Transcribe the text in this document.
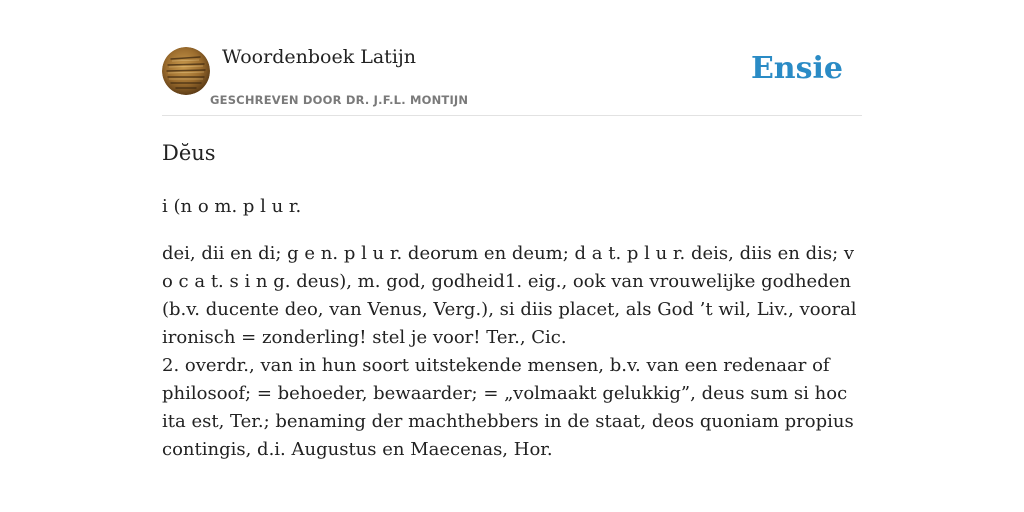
Woordenboek Latijn
GESCHREVEN DOOR DR. J.F.L. MONTIJN
Ensie
Dĕus

i (n o m. p l u r.

dei, dii en di; g e n. p l u r. deorum en deum; d a t. p l u r. deis, diis en dis; v o c a t. s i n g. deus), m. god, godheid1. eig., ook van vrouwelijke godheden (b.v. ducente deo, van Venus, Verg.), si diis placet, als God ’t wil, Liv., vooral ironisch = zonderling! stel je voor! Ter., Cic.
2. overdr., van in hun soort uitstekende mensen, b.v. van een redenaar of philosoof; = behoeder, bewaarder; = „volmaakt gelukkig”, deus sum si hoc ita est, Ter.; benaming der machthebbers in de staat, deos quoniam propius contingis, d.i. Augustus en Maecenas, Hor.
